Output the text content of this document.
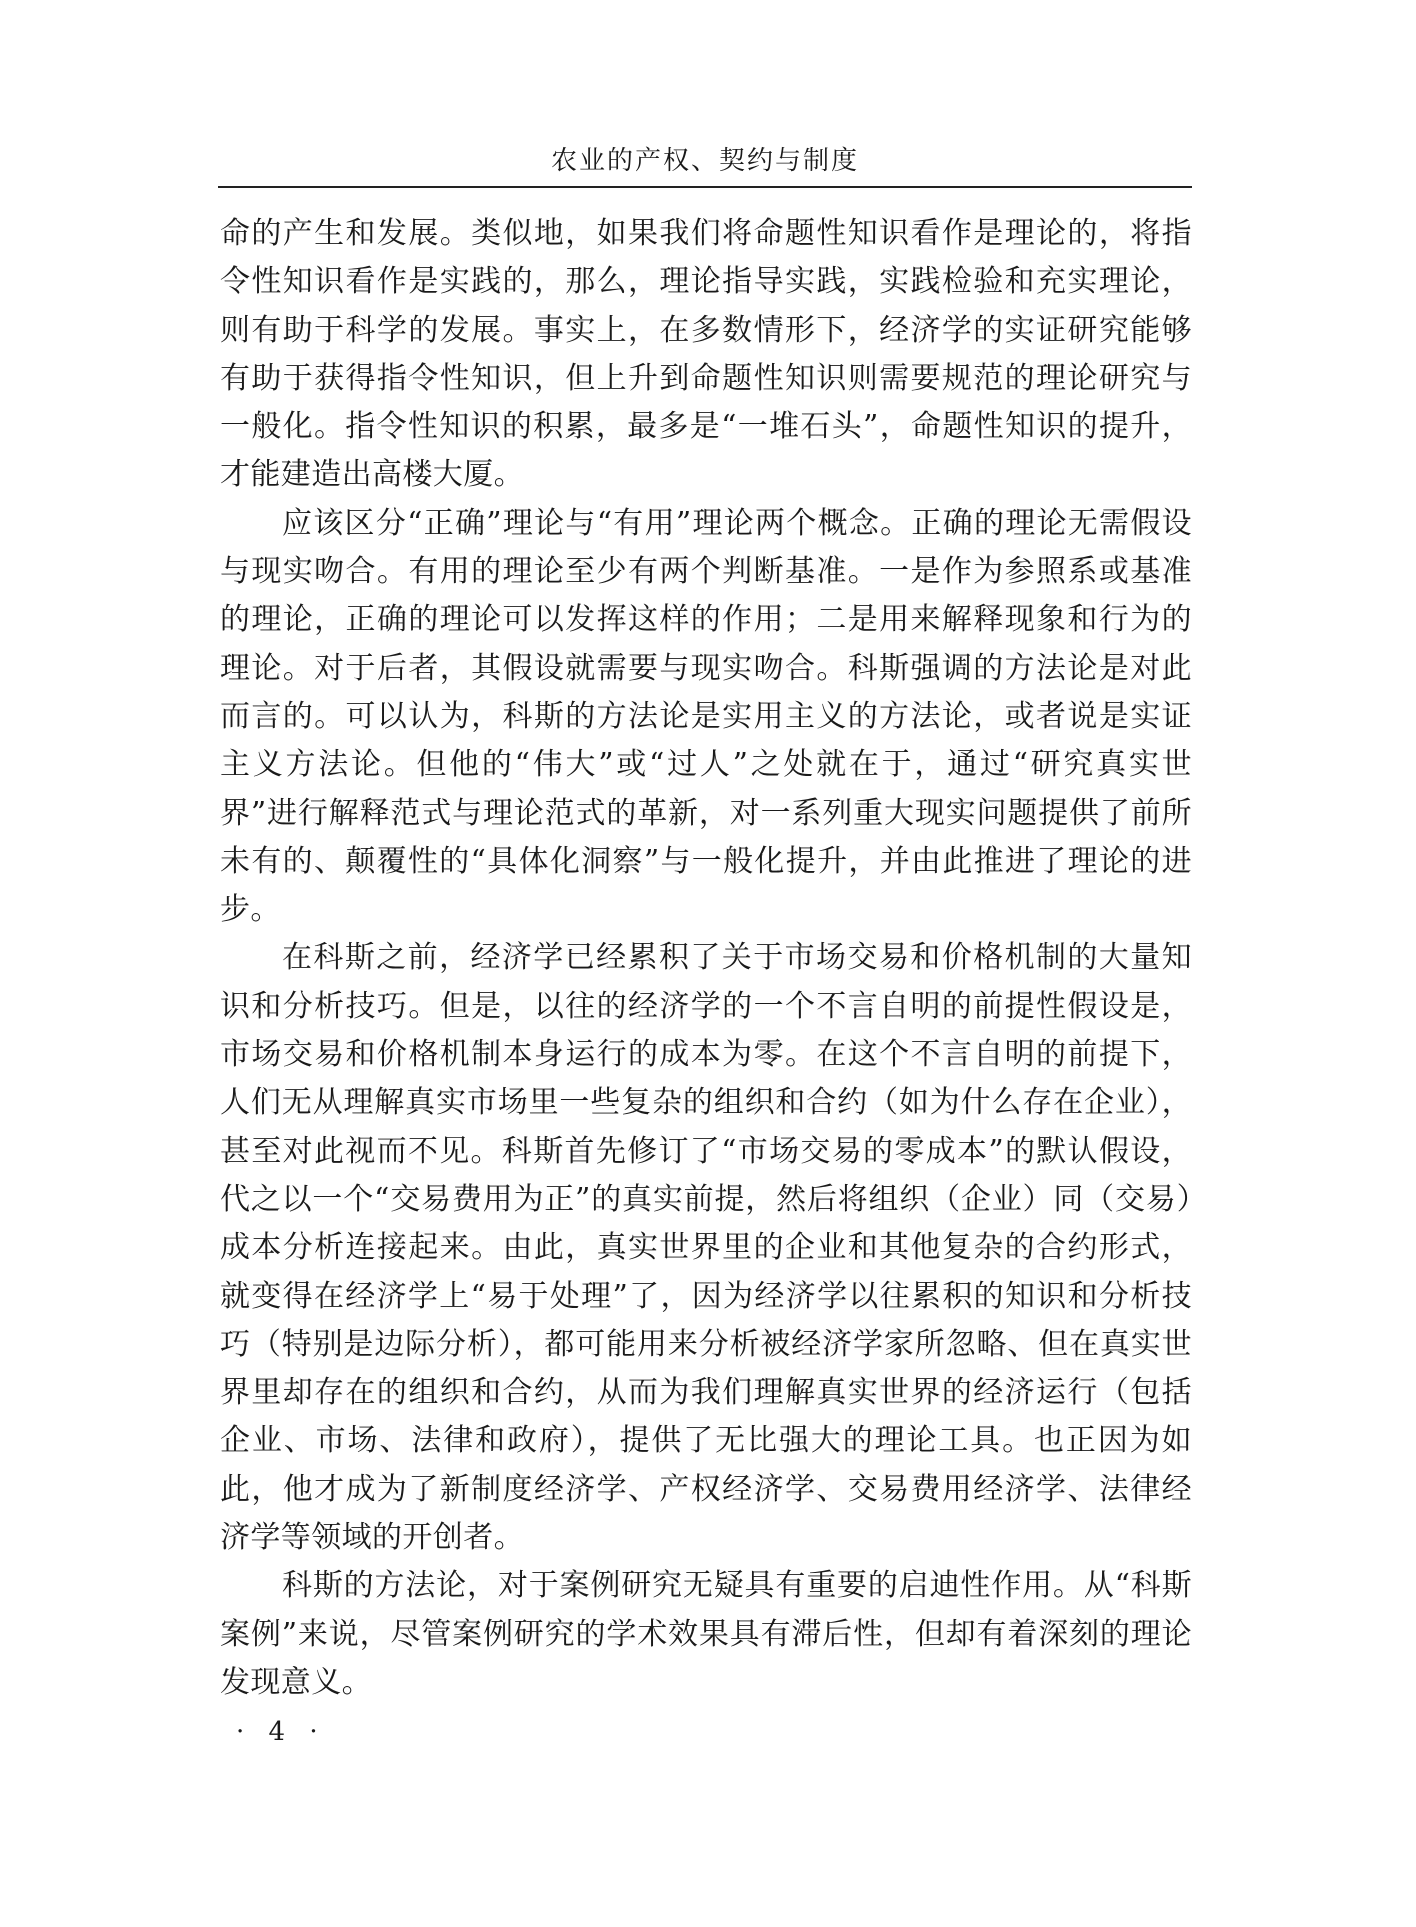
农业的产权、契约与制度

命的产生和发展。类似地，如果我们将命题性知识看作是理论的，将指令性知识看作是实践的，那么，理论指导实践，实践检验和充实理论，则有助于科学的发展。事实上，在多数情形下，经济学的实证研究能够有助于获得指令性知识，但上升到命题性知识则需要规范的理论研究与一般化。指令性知识的积累，最多是“一堆石头”，命题性知识的提升，才能建造出高楼大厦。

应该区分“正确”理论与“有用”理论两个概念。正确的理论无需假设与现实吻合。有用的理论至少有两个判断基准。一是作为参照系或基准的理论，正确的理论可以发挥这样的作用；二是用来解释现象和行为的理论。对于后者，其假设就需要与现实吻合。科斯强调的方法论是对此而言的。可以认为，科斯的方法论是实用主义的方法论，或者说是实证主义方法论。但他的“伟大”或“过人”之处就在于，通过“研究真实世界”进行解释范式与理论范式的革新，对一系列重大现实问题提供了前所未有的、颠覆性的“具体化洞察”与一般化提升，并由此推进了理论的进步。

在科斯之前，经济学已经累积了关于市场交易和价格机制的大量知识和分析技巧。但是，以往的经济学的一个不言自明的前提性假设是，市场交易和价格机制本身运行的成本为零。在这个不言自明的前提下，人们无从理解真实市场里一些复杂的组织和合约（如为什么存在企业），甚至对此视而不见。科斯首先修订了“市场交易的零成本”的默认假设，代之以一个“交易费用为正”的真实前提，然后将组织（企业）同（交易）成本分析连接起来。由此，真实世界里的企业和其他复杂的合约形式，就变得在经济学上“易于处理”了，因为经济学以往累积的知识和分析技巧（特别是边际分析），都可能用来分析被经济学家所忽略、但在真实世界里却存在的组织和合约，从而为我们理解真实世界的经济运行（包括企业、市场、法律和政府），提供了无比强大的理论工具。也正因为如此，他才成为了新制度经济学、产权经济学、交易费用经济学、法律经济学等领域的开创者。

科斯的方法论，对于案例研究无疑具有重要的启迪性作用。从“科斯案例”来说，尽管案例研究的学术效果具有滞后性，但却有着深刻的理论发现意义。

· 4 ·
